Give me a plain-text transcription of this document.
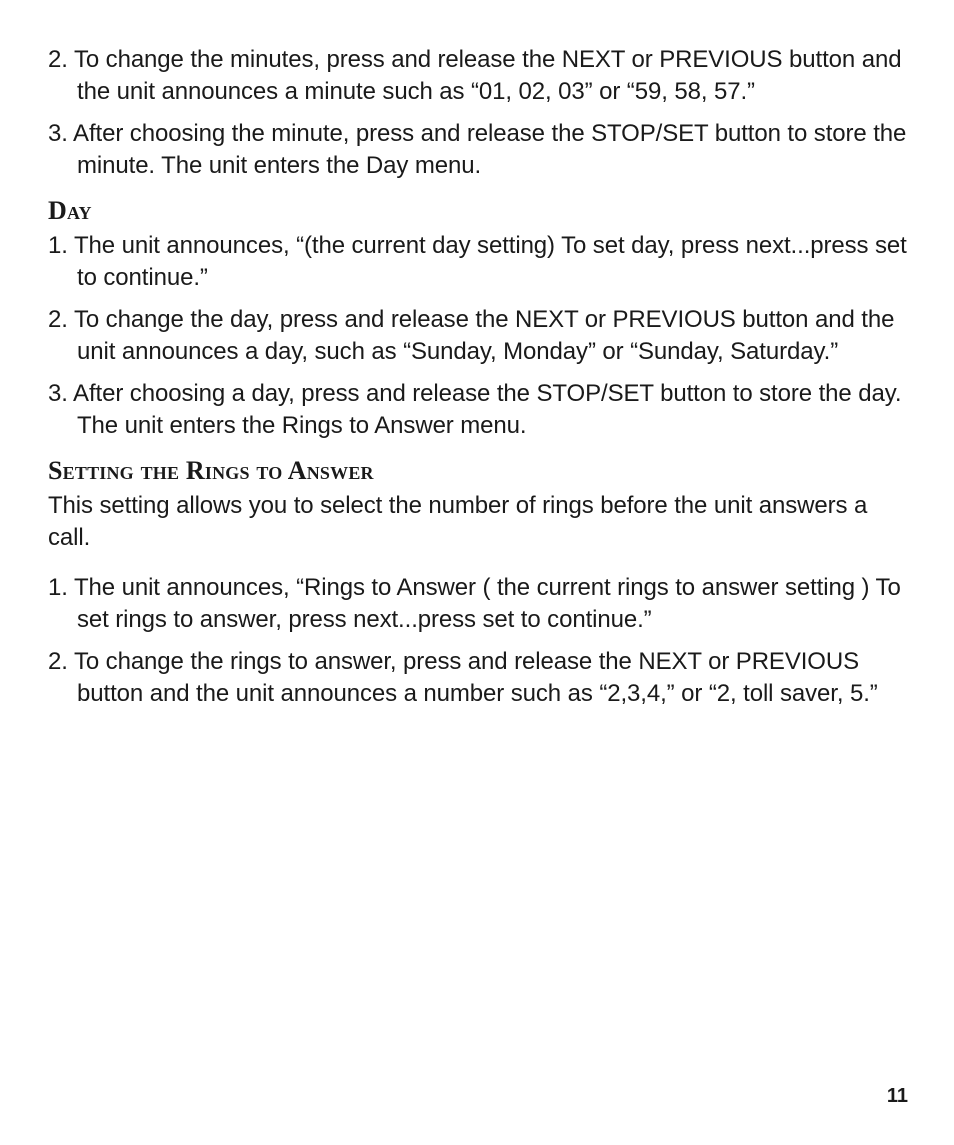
2. To change the minutes, press and release the NEXT or PREVIOUS button and the unit announces a minute such as “01, 02, 03” or “59, 58, 57.”

3. After choosing the minute, press and release the STOP/SET button to store the minute. The unit enters the Day menu.

Day

1. The unit announces, “(the current day setting) To set day, press next...press set to continue.”

2. To change the day, press and release the NEXT or PREVIOUS button and the unit announces a day, such as “Sunday, Monday” or “Sunday, Saturday.”

3. After choosing a day, press and release the STOP/SET button to store the day. The unit enters the Rings to Answer menu.

Setting the Rings to Answer

This setting allows you to select the number of rings before the unit answers a call.

1. The unit announces, “Rings to Answer ( the current rings to answer setting ) To set rings to answer, press next...press set to continue.”

2. To change the rings to answer, press and release the NEXT or PREVIOUS button and the unit announces a number such as “2,3,4,” or “2, toll saver, 5.”

11
